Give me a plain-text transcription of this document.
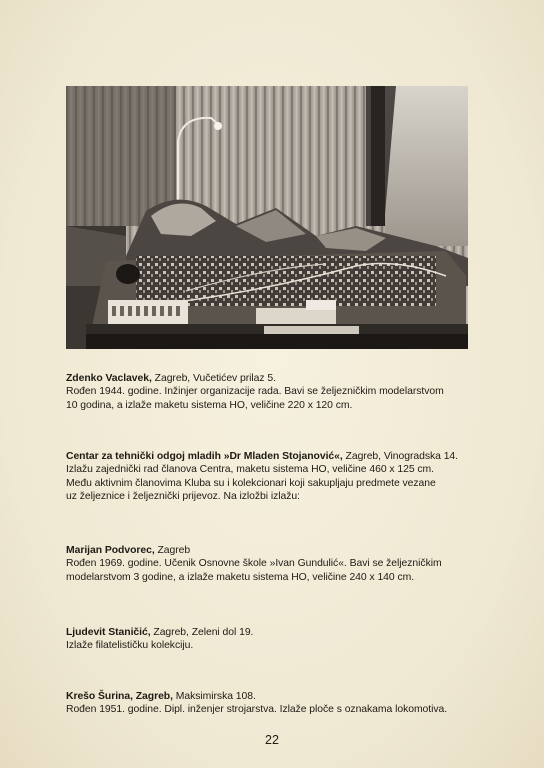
Zdenko Vaclavek, Zagreb, Vučetićev prilaz 5.

Rođen 1944. godine. Inžinjer organizacije rada. Bavi se željezničkim modelarstvom

10 godina, a izlaže maketu sistema HO, veličine 220 x 120 cm.

Centar za tehnički odgoj mladih »Dr Mladen Stojanović«, Zagreb, Vinogradska 14.

Izlažu zajednički rad članova Centra, maketu sistema HO, veličine 460 x 125 cm.

Među aktivnim članovima Kluba su i kolekcionari koji sakupljaju predmete vezane

uz željeznice i željeznički prijevoz. Na izložbi izlažu:

Marijan Podvorec, Zagreb

Rođen 1969. godine. Učenik Osnovne škole »Ivan Gundulić«. Bavi se željezničkim

modelarstvom 3 godine, a izlaže maketu sistema HO, veličine 240 x 140 cm.

Ljudevit Staničić, Zagreb, Zeleni dol 19.

Izlaže filatelističku kolekciju.

Krešo Šurina, Zagreb, Maksimirska 108.

Rođen 1951. godine. Dipl. inženjer strojarstva. Izlaže ploče s oznakama lokomotiva.

22
